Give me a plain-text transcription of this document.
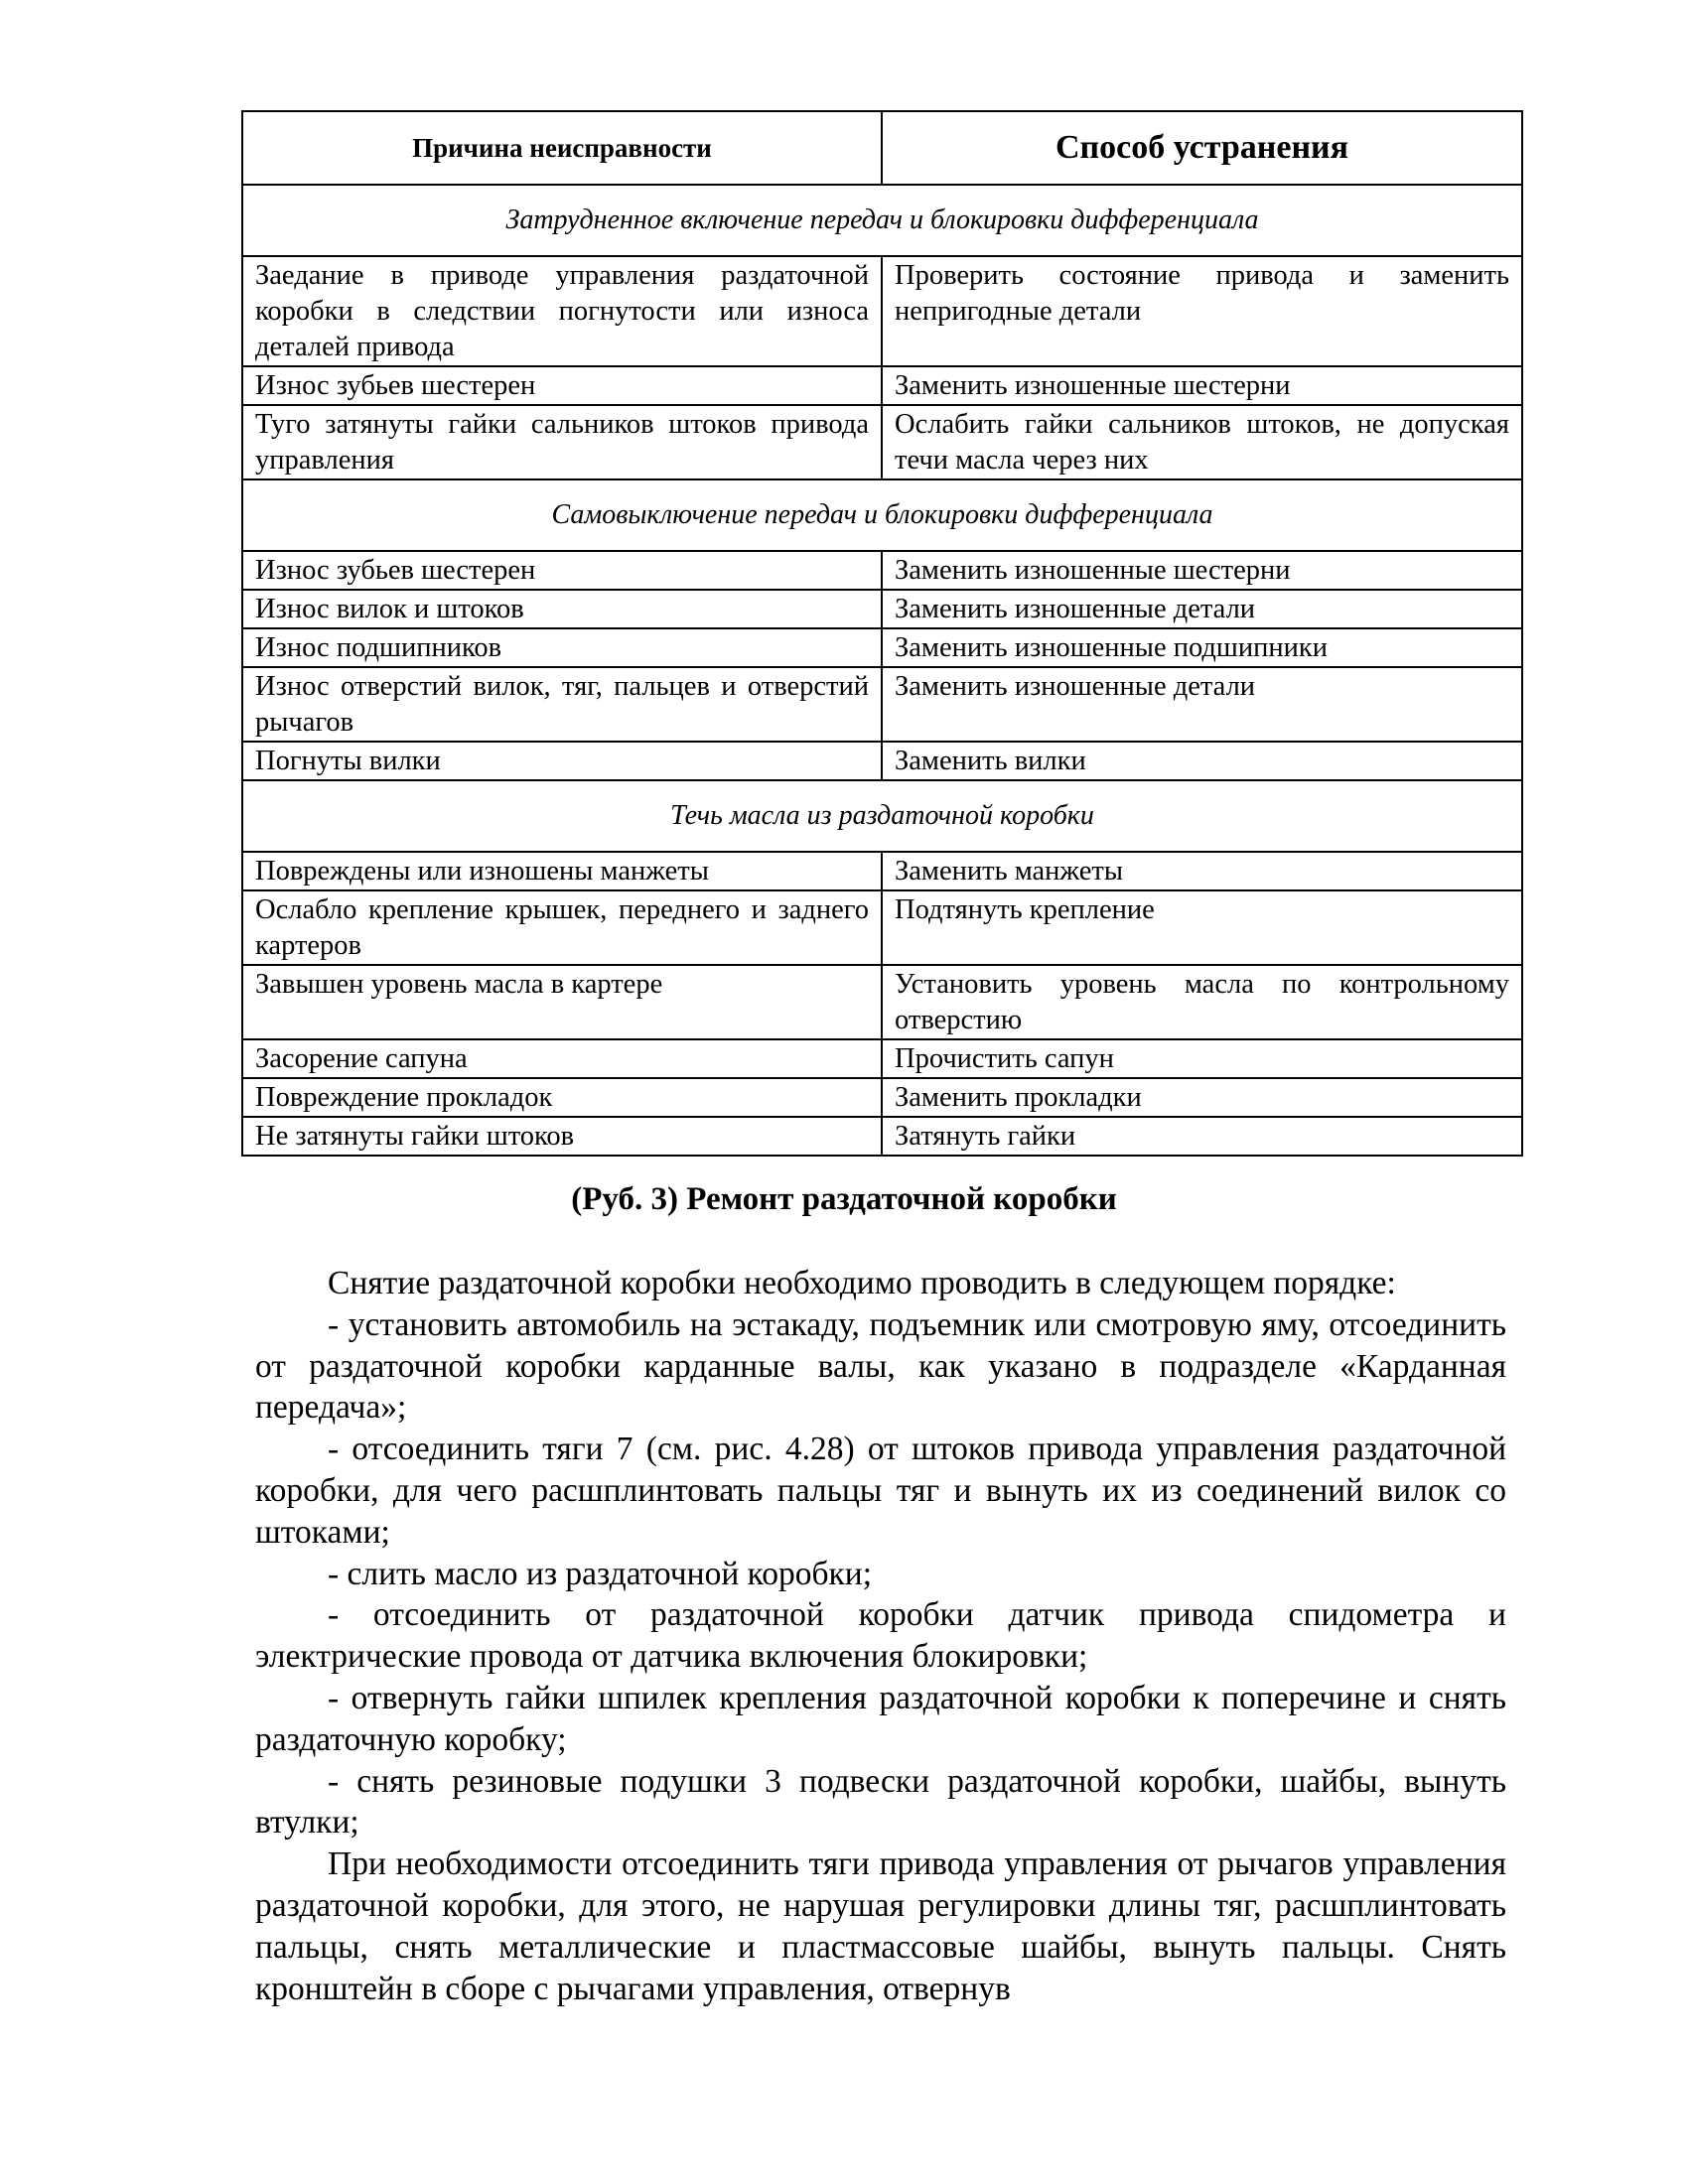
Причина неисправности	Способ устранения
Затрудненное включение передач и блокировки дифференциала	
Заедание в приводе управления раздаточной коробки в следствии погнутости или износа деталей привода	Проверить состояние привода и заменить непригодные детали
Износ зубьев шестерен	Заменить изношенные шестерни
Туго затянуты гайки сальников штоков привода управления	Ослабить гайки сальников штоков, не допуская течи масла через них
Самовыключение передач и блокировки дифференциала	
Износ зубьев шестерен	Заменить изношенные шестерни
Износ вилок и штоков	Заменить изношенные детали
Износ подшипников	Заменить изношенные подшипники
Износ отверстий вилок, тяг, пальцев и отверстий рычагов	Заменить изношенные детали
Погнуты вилки	Заменить вилки
Течь масла из раздаточной коробки	
Повреждены или изношены манжеты	Заменить манжеты
Ослабло крепление крышек, переднего и заднего картеров	Подтянуть крепление
Завышен уровень масла в картере	Установить уровень масла по контрольному отверстию
Засорение сапуна	Прочистить сапун
Повреждение прокладок	Заменить прокладки
Не затянуты гайки штоков	Затянуть гайки
(Руб. 3) Ремонт раздаточной коробки

Снятие раздаточной коробки необходимо проводить в следующем порядке:

- установить автомобиль на эстакаду, подъемник или смотровую яму, отсоединить от раздаточной коробки карданные валы, как указано в подразделе «Карданная передача»;

- отсоединить тяги 7 (см. рис. 4.28) от штоков привода управления раздаточной коробки, для чего расшплинтовать пальцы тяг и вынуть их из соединений вилок со штоками;

- слить масло из раздаточной коробки;

- отсоединить от раздаточной коробки датчик привода спидометра и электрические провода от датчика включения блокировки;

- отвернуть гайки шпилек крепления раздаточной коробки к поперечине и снять раздаточную коробку;

- снять резиновые подушки 3 подвески раздаточной коробки, шайбы, вынуть втулки;

При необходимости отсоединить тяги привода управления от рычагов управления раздаточной коробки, для этого, не нарушая регулировки длины тяг, расшплинтовать пальцы, снять металлические и пластмассовые шайбы, вынуть пальцы. Снять кронштейн в сборе с рычагами управления, отвернув
